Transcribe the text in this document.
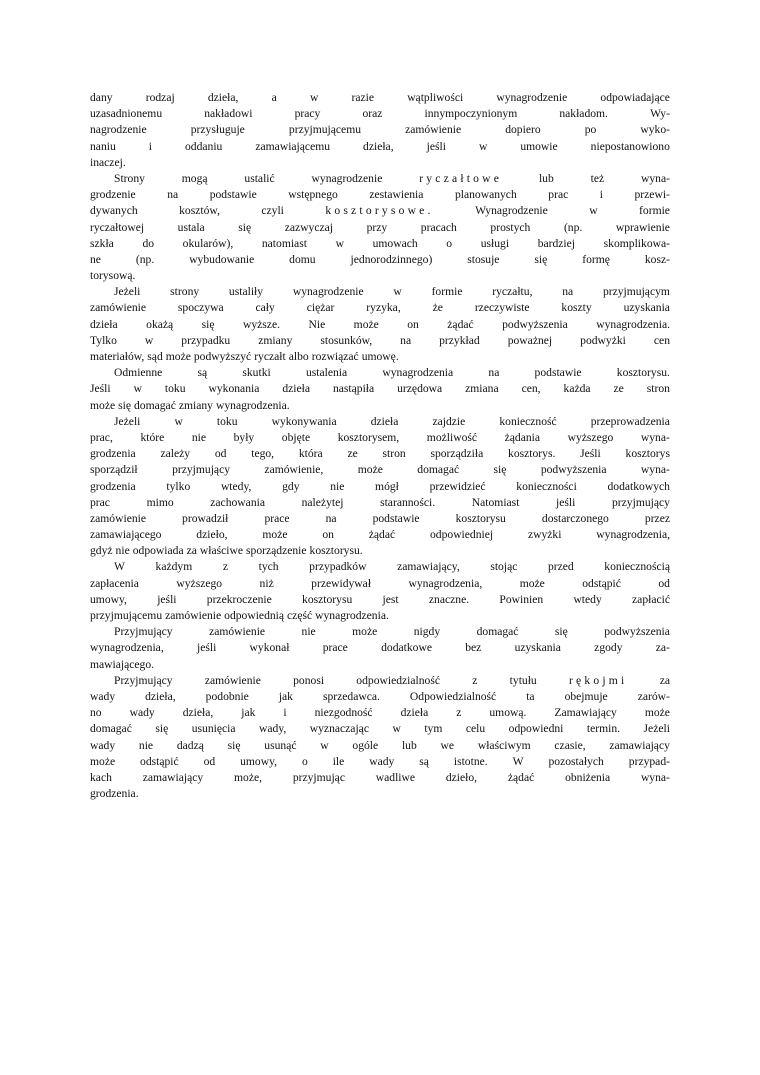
dany	rodzaj	dzieła,	a	w	razie	wątpliwości	wynagrodzenie	odpowiadające
uzasadnionemu	nakładowi	pracy	oraz	innympoczynionym	nakładom.	Wy-
nagrodzenie	przysługuje	przyjmującemu	zamówienie	dopiero	po	wyko-
naniu	i	oddaniu	zamawiającemu	dzieła,	jeśli	w	umowie	niepostanowiono
inaczej.
Strony	mogą	ustalić	wynagrodzenie	ryczałtowe	lub	też	wyna-
grodzenie	na	podstawie	wstępnego	zestawienia	planowanych	prac	i	przewi-
dywanych	kosztów,	czyli	kosztorysowe.	Wynagrodzenie	w	formie
ryczałtowej	ustala	się	zazwyczaj	przy	pracach	prostych	(np.	wprawienie
szkła do okularów), natomiast w umowach o usługi bardziej skomplikowa-
ne	(np.	wybudowanie	domu	jednorodzinnego)	stosuje	się	formę	kosz-
torysową.
Jeżeli	strony	ustaliły	wynagrodzenie	w	formie	ryczałtu,	na	przyjmującym
zamówienie	spoczywa	cały	ciężar	ryzyka,	że	rzeczywiste	koszty	uzyskania
dzieła okażą się wyższe. Nie może on żądać podwyższenia wynagrodzenia.
Tylko w przypadku zmiany stosunków, na przykład poważnej podwyżki cen
materiałów, sąd może podwyższyć ryczałt albo rozwiązać umowę.
Odmienne	są	skutki	ustalenia	wynagrodzenia	na	podstawie	kosztorysu.
Jeśli w toku wykonania dzieła nastąpiła urzędowa zmiana cen, każda ze stron
może się domagać zmiany wynagrodzenia.
Jeżeli	w	toku	wykonywania	dzieła	zajdzie	konieczność	przeprowadzenia
prac, które nie były objęte kosztorysem, możliwość żądania wyższego wyna-
grodzenia zależy od tego, która ze stron sporządziła kosztorys. Jeśli kosztorys
sporządził	przyjmujący	zamówienie,	może	domagać	się	podwyższenia	wyna-
grodzenia	tylko	wtedy,	gdy	nie	mógł	przewidzieć	konieczności	dodatkowych
prac	mimo	zachowania	należytej	staranności.	Natomiast	jeśli	przyjmujący
zamówienie	prowadził	prace	na	podstawie	kosztorysu	dostarczonego	przez
zamawiającego	dzieło,	może	on	żądać	odpowiedniej	zwyżki	wynagrodzenia,
gdyż nie odpowiada za właściwe sporządzenie kosztorysu.
W	każdym	z	tych	przypadków	zamawiający,	stojąc	przed	koniecznością
zapłacenia	wyższego	niż	przewidywał	wynagrodzenia,	może	odstąpić	od
umowy,	jeśli	przekroczenie	kosztorysu	jest	znaczne.	Powinien	wtedy	zapłacić
przyjmującemu zamówienie odpowiednią część wynagrodzenia.
Przyjmujący	zamówienie	nie	może	nigdy	domagać	się	podwyższenia
wynagrodzenia,	jeśli	wykonał	prace	dodatkowe	bez	uzyskania	zgody	za-
mawiającego.
Przyjmujący	zamówienie	ponosi	odpowiedzialność	z	tytułu	rękojmi	za
wady	dzieła,	podobnie	jak	sprzedawca.	Odpowiedzialność	ta	obejmuje	zarów-
no wady dzieła, jak i niezgodność dzieła z umową. Zamawiający może
domagać się usunięcia wady, wyznaczając w tym celu odpowiedni termin. Jeżeli
wady nie dadzą się usunąć w ogóle lub we właściwym czasie, zamawiający
może odstąpić od umowy, o ile wady są istotne. W pozostałych przypad-
kach	zamawiający	może,	przyjmując	wadliwe	dzieło,	żądać	obniżenia	wyna-
grodzenia.
